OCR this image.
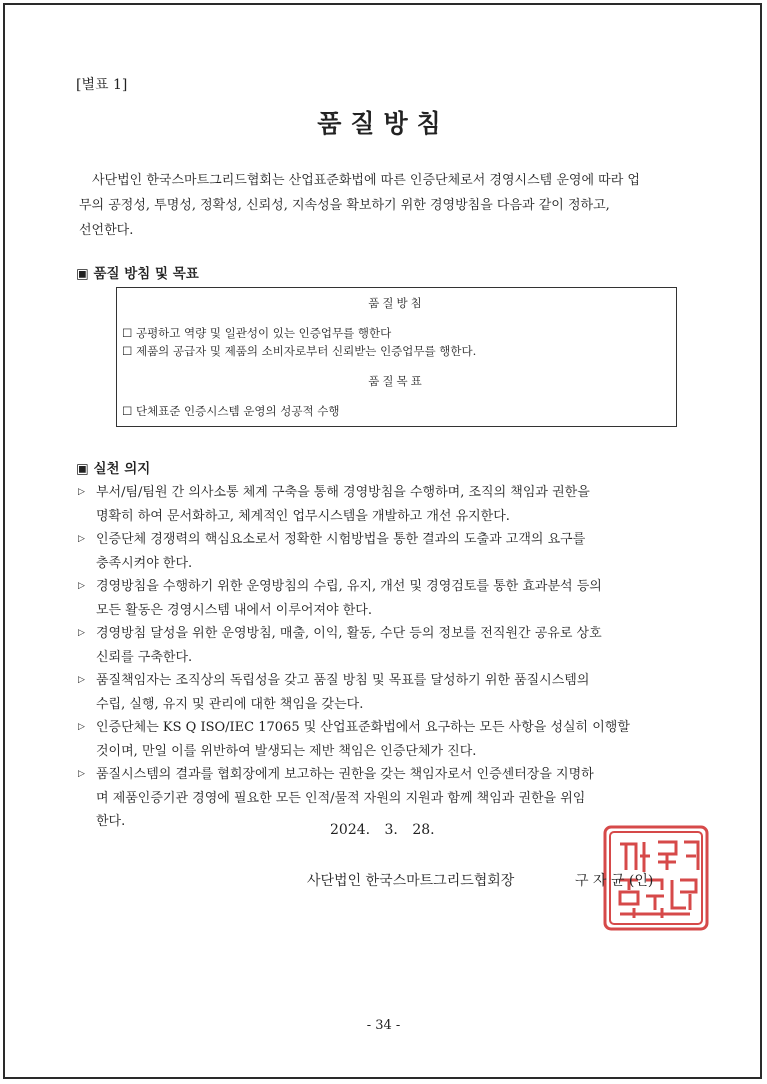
[별표 1]
품질방침
사단법인 한국스마트그리드협회는 산업표준화법에 따른 인증단체로서 경영시스템 운영에 따라 업
무의 공정성, 투명성, 정확성, 신뢰성, 지속성을 확보하기 위한 경영방침을 다음과 같이 정하고,
선언한다.
▣ 품질 방침 및 목표
품질방침
☐ 공평하고 역량 및 일관성이 있는 인증업무를 행한다
☐ 제품의 공급자 및 제품의 소비자로부터 신뢰받는 인증업무를 행한다.
품질목표
☐ 단체표준 인증시스템 운영의 성공적 수행
▣ 실천 의지
▷ 부서/팀/팀원 간 의사소통 체계 구축을 통해 경영방침을 수행하며, 조직의 책임과 권한을
명확히 하여 문서화하고, 체계적인 업무시스템을 개발하고 개선 유지한다.
▷ 인증단체 경쟁력의 핵심요소로서 정확한 시험방법을 통한 결과의 도출과 고객의 요구를
충족시켜야 한다.
▷ 경영방침을 수행하기 위한 운영방침의 수립, 유지, 개선 및 경영검토를 통한 효과분석 등의
모든 활동은 경영시스템 내에서 이루어져야 한다.
▷ 경영방침 달성을 위한 운영방침, 매출, 이익, 활동, 수단 등의 정보를 전직원간 공유로 상호
신뢰를 구축한다.
▷ 품질책임자는 조직상의 독립성을 갖고 품질 방침 및 목표를 달성하기 위한 품질시스템의
수립, 실행, 유지 및 관리에 대한 책임을 갖는다.
▷ 인증단체는 KS Q ISO/IEC 17065 및 산업표준화법에서 요구하는 모든 사항을 성실히 이행할
것이며, 만일 이를 위반하여 발생되는 제반 책임은 인증단체가 진다.
▷ 품질시스템의 결과를 협회장에게 보고하는 권한을 갖는 책임자로서 인증센터장을 지명하
며 제품인증기관 경영에 필요한 모든 인적/물적 자원의 지원과 함께 책임과 권한을 위임
한다.
2024. 3. 28.
사단법인 한국스마트그리드협회장	구 자 균 (인)
- 34 -
